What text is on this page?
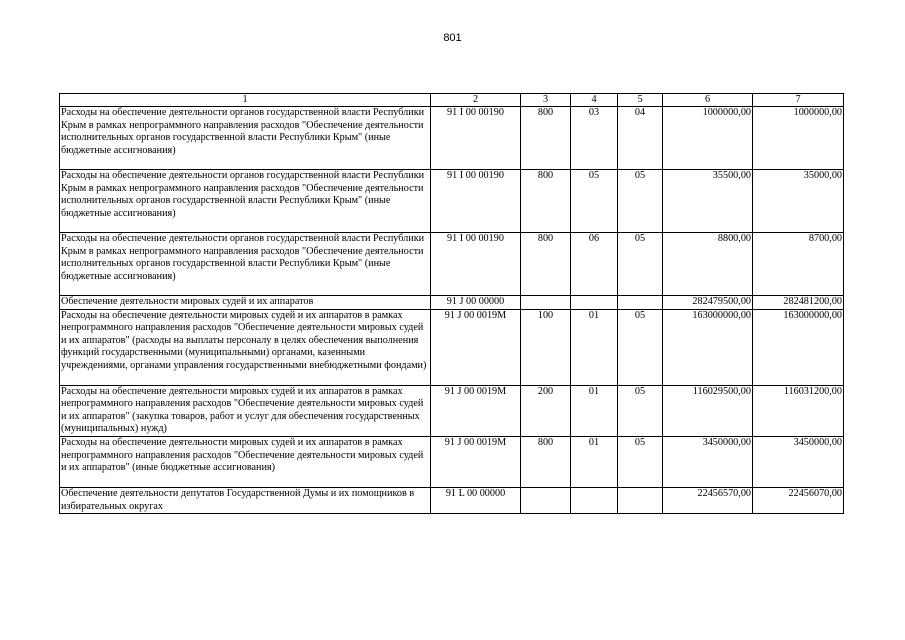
801
1	2	3	4	5	6	7
Расходы на обеспечение деятельности органов государственной власти Республики Крым в рамках непрограммного направления расходов "Обеспечение деятельности исполнительных органов государственной власти Республики Крым" (иные бюджетные ассигнования)	91 I 00 00190	800	03	04	1000000,00	1000000,00
Расходы на обеспечение деятельности органов государственной власти Республики Крым в рамках непрограммного направления расходов "Обеспечение деятельности исполнительных органов государственной власти Республики Крым" (иные бюджетные ассигнования)	91 I 00 00190	800	05	05	35500,00	35000,00
Расходы на обеспечение деятельности органов государственной власти Республики Крым в рамках непрограммного направления расходов "Обеспечение деятельности исполнительных органов государственной власти Республики Крым" (иные бюджетные ассигнования)	91 I 00 00190	800	06	05	8800,00	8700,00
Обеспечение деятельности мировых судей и их аппаратов	91 J 00 00000				282479500,00	282481200,00
Расходы на обеспечение деятельности мировых судей и их аппаратов в рамках непрограммного направления расходов "Обеспечение деятельности мировых судей и их аппаратов" (расходы на выплаты персоналу в целях обеспечения выполнения функций государственными (муниципальными) органами, казенными учреждениями, органами управления государственными внебюджетными фондами)	91 J 00 0019M	100	01	05	163000000,00	163000000,00
Расходы на обеспечение деятельности мировых судей и их аппаратов в рамках непрограммного направления расходов "Обеспечение деятельности мировых судей и их аппаратов" (закупка товаров, работ и услуг для обеспечения государственных (муниципальных) нужд)	91 J 00 0019M	200	01	05	116029500,00	116031200,00
Расходы на обеспечение деятельности мировых судей и их аппаратов в рамках непрограммного направления расходов "Обеспечение деятельности мировых судей и их аппаратов" (иные бюджетные ассигнования)	91 J 00 0019M	800	01	05	3450000,00	3450000,00
Обеспечение деятельности депутатов Государственной Думы и их помощников в избирательных округах	91 L 00 00000				22456570,00	22456070,00
